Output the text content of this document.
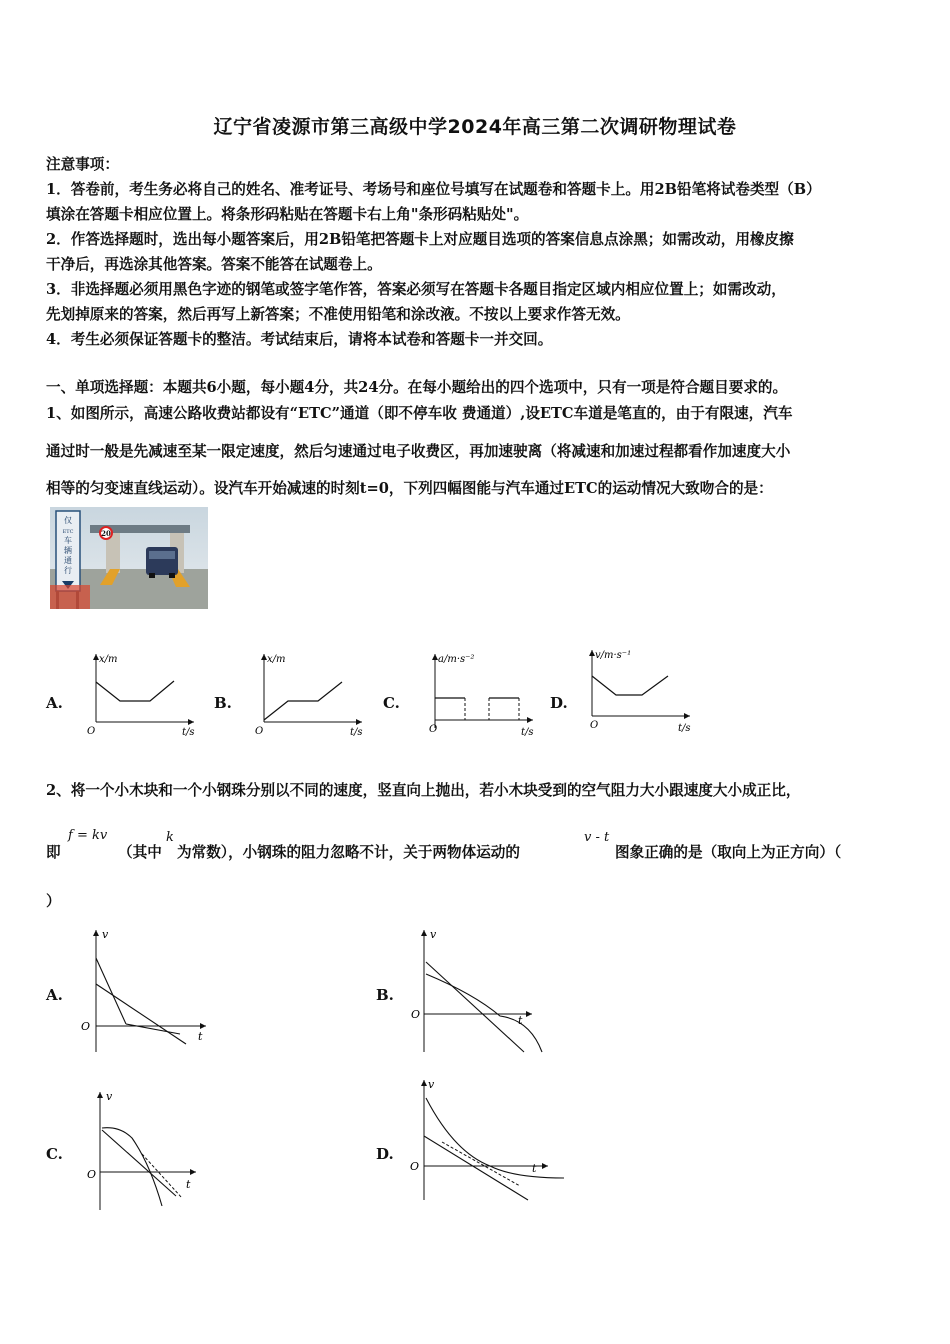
辽宁省凌源市第三高级中学2024年高三第二次调研物理试卷
注意事项：
1．答卷前，考生务必将自己的姓名、准考证号、考场号和座位号填写在试题卷和答题卡上。用2B铅笔将试卷类型（B）
填涂在答题卡相应位置上。将条形码粘贴在答题卡右上角"条形码粘贴处"。
2．作答选择题时，选出每小题答案后，用2B铅笔把答题卡上对应题目选项的答案信息点涂黑；如需改动，用橡皮擦
干净后，再选涂其他答案。答案不能答在试题卷上。
3．非选择题必须用黑色字迹的钢笔或签字笔作答，答案必须写在答题卡各题目指定区域内相应位置上；如需改动，
先划掉原来的答案，然后再写上新答案；不准使用铅笔和涂改液。不按以上要求作答无效。
4．考生必须保证答题卡的整洁。考试结束后，请将本试卷和答题卡一并交回。
一、单项选择题：本题共6小题，每小题4分，共24分。在每小题给出的四个选项中，只有一项是符合题目要求的。
1、如图所示，高速公路收费站都设有“ETC”通道（即不停车收 费通道）,设ETC车道是笔直的，由于有限速，汽车
通过时一般是先减速至某一限定速度，然后匀速通过电子收费区，再加速驶离（将减速和加速过程都看作加速度大小
相等的匀变速直线运动）。设汽车开始减速的时刻t=0，下列四幅图能与汽车通过ETC的运动情况大致吻合的是：
20
仅
ETC
车
辆
通
行
A.	B.	C.	D.
x/m
O	t/s
x/m
O	t/s
a/m·s⁻²
O	t/s
v/m·s⁻¹
O	t/s
2、将一个小木块和一个小钢珠分别以不同的速度，竖直向上抛出，若小木块受到的空气阻力大小跟速度大小成正比，
即
f = kv
（其中
k
为常数），小钢珠的阻力忽略不计，关于两物体运动的
v - t
图象正确的是（取向上为正方向）（
）
A.	B.
C.	D.
v
O
t
v
O	t
v
O
t
v
O	t
